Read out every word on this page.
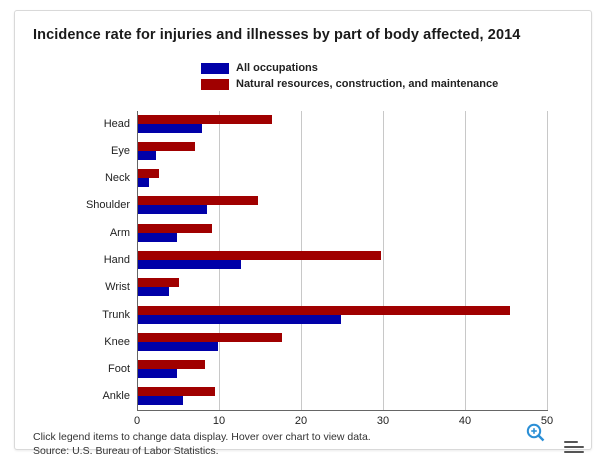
Incidence rate for injuries and illnesses by part of body affected, 2014
All occupations
Natural resources, construction, and maintenance
Head
Eye
Neck
Shoulder
Arm
Hand
Wrist
Trunk
Knee
Foot
Ankle
0	10	20	30	40	50
Click legend items to change data display. Hover over chart to view data.
Source: U.S. Bureau of Labor Statistics.
